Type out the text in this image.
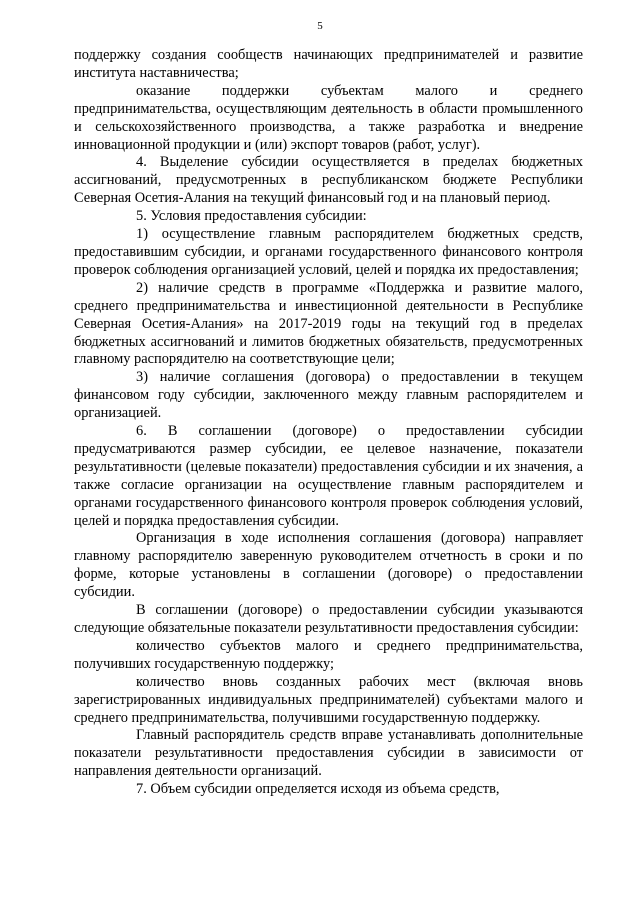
5

поддержку создания сообществ начинающих предпринимателей и развитие института наставничества;

оказание поддержки субъектам малого и среднего предпринимательства, осуществляющим деятельность в области промышленного и сельскохозяйственного производства, а также разработка и внедрение инновационной продукции и (или) экспорт товаров (работ, услуг).

4. Выделение субсидии осуществляется в пределах бюджетных ассигнований, предусмотренных в республиканском бюджете Республики Северная Осетия-Алания на текущий финансовый год и на плановый период.

5. Условия предоставления субсидии:

1) осуществление главным распорядителем бюджетных средств, предоставившим субсидии, и органами государственного финансового контроля проверок соблюдения организацией условий, целей и порядка их предоставления;

2) наличие средств в программе «Поддержка и развитие малого, среднего предпринимательства и инвестиционной деятельности в Республике Северная Осетия-Алания» на 2017-2019 годы на текущий год в пределах бюджетных ассигнований и лимитов бюджетных обязательств, предусмотренных главному распорядителю на соответствующие цели;

3) наличие соглашения (договора) о предоставлении в текущем финансовом году субсидии, заключенного между главным распорядителем и организацией.

6. В соглашении (договоре) о предоставлении субсидии предусматриваются размер субсидии, ее целевое назначение, показатели результативности (целевые показатели) предоставления субсидии и их значения, а также согласие организации на осуществление главным распорядителем и органами государственного финансового контроля проверок соблюдения условий, целей и порядка предоставления субсидии.

Организация в ходе исполнения соглашения (договора) направляет главному распорядителю заверенную руководителем отчетность в сроки и по форме, которые установлены в соглашении (договоре) о предоставлении субсидии.

В соглашении (договоре) о предоставлении субсидии указываются следующие обязательные показатели результативности предоставления субсидии:

количество субъектов малого и среднего предпринимательства, получивших государственную поддержку;

количество вновь созданных рабочих мест (включая вновь зарегистрированных индивидуальных предпринимателей) субъектами малого и среднего предпринимательства, получившими государственную поддержку.

Главный распорядитель средств вправе устанавливать дополнительные показатели результативности предоставления субсидии в зависимости от направления деятельности организаций.

7. Объем субсидии определяется исходя из объема средств,
